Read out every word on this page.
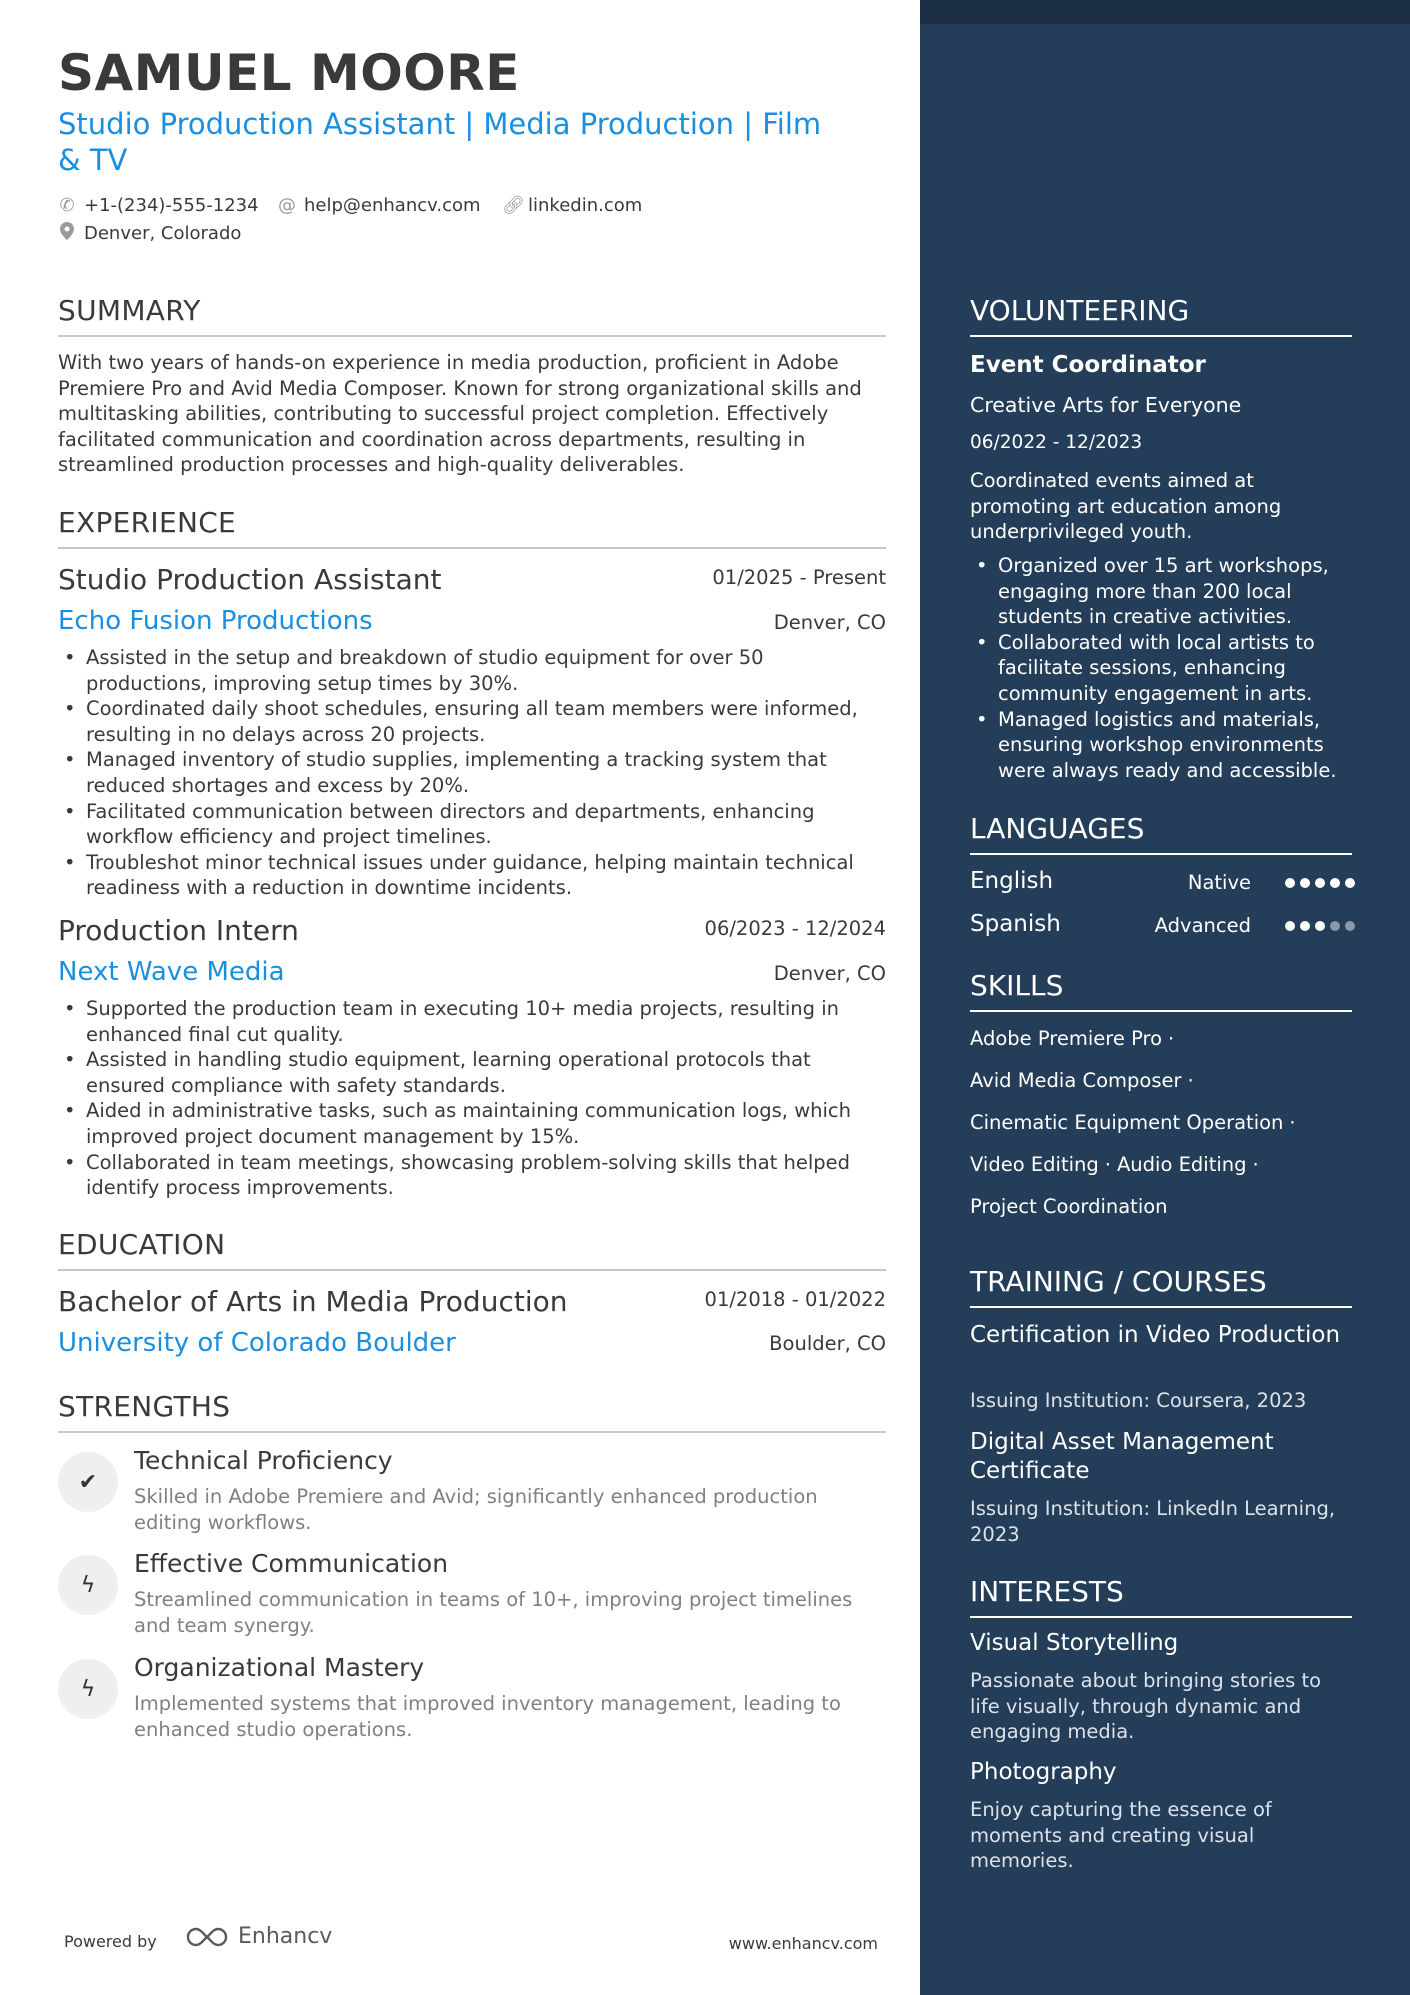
SAMUEL MOORE
Studio Production Assistant | Media Production | Film & TV
✆ +1-(234)-555-1234 @ help@enhancv.com 🔗︎ linkedin.com
Denver, Colorado
SUMMARY
With two years of hands-on experience in media production, proficient in Adobe Premiere Pro and Avid Media Composer. Known for strong organizational skills and multitasking abilities, contributing to successful project completion. Effectively facilitated communication and coordination across departments, resulting in streamlined production processes and high-quality deliverables.
EXPERIENCE
Studio Production Assistant	01/2025 - Present
Echo Fusion Productions	Denver, CO
• Assisted in the setup and breakdown of studio equipment for over 50 productions, improving setup times by 30%.
• Coordinated daily shoot schedules, ensuring all team members were informed, resulting in no delays across 20 projects.
• Managed inventory of studio supplies, implementing a tracking system that reduced shortages and excess by 20%.
• Facilitated communication between directors and departments, enhancing workflow efficiency and project timelines.
• Troubleshot minor technical issues under guidance, helping maintain technical readiness with a reduction in downtime incidents.
Production Intern	06/2023 - 12/2024
Next Wave Media	Denver, CO
• Supported the production team in executing 10+ media projects, resulting in enhanced final cut quality.
• Assisted in handling studio equipment, learning operational protocols that ensured compliance with safety standards.
• Aided in administrative tasks, such as maintaining communication logs, which improved project document management by 15%.
• Collaborated in team meetings, showcasing problem-solving skills that helped identify process improvements.
EDUCATION
Bachelor of Arts in Media Production	01/2018 - 01/2022
University of Colorado Boulder	Boulder, CO
STRENGTHS
✔
Technical Proficiency
Skilled in Adobe Premiere and Avid; significantly enhanced production editing workflows.
ϟ
Effective Communication
Streamlined communication in teams of 10+, improving project timelines and team synergy.
ϟ
Organizational Mastery
Implemented systems that improved inventory management, leading to enhanced studio operations.
Powered by	Enhancv	www.enhancv.com
VOLUNTEERING
Event Coordinator
Creative Arts for Everyone
06/2022 - 12/2023
Coordinated events aimed at promoting art education among underprivileged youth.
• Organized over 15 art workshops, engaging more than 200 local students in creative activities.
• Collaborated with local artists to facilitate sessions, enhancing community engagement in arts.
• Managed logistics and materials, ensuring workshop environments were always ready and accessible.
LANGUAGES
English	Native
Spanish	Advanced
SKILLS
Adobe Premiere Pro ·
Avid Media Composer ·
Cinematic Equipment Operation ·
Video Editing · Audio Editing ·
Project Coordination
TRAINING / COURSES
Certification in Video Production
Issuing Institution: Coursera, 2023
Digital Asset Management Certificate
Issuing Institution: LinkedIn Learning, 2023
INTERESTS
Visual Storytelling
Passionate about bringing stories to life visually, through dynamic and engaging media.
Photography
Enjoy capturing the essence of moments and creating visual memories.
